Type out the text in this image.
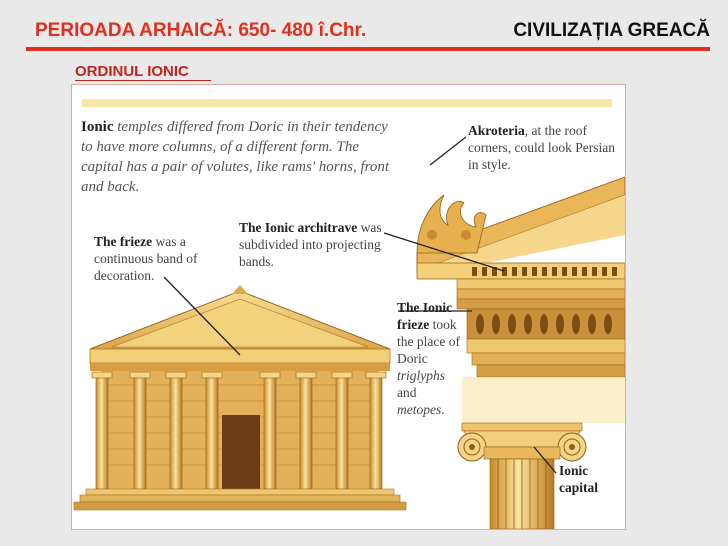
PERIOADA ARHAICĂ: 650- 480 î.Chr.	CIVILIZAȚIA GREACĂ
ORDINUL IONIC
Ionic temples differed from Doric in their tendency to have more columns, of a different form. The capital has a pair of volutes, like rams' horns, front and back.
Akroteria, at the roof corners, could look Persian in style.
The frieze was a continuous band of decoration.
The Ionic architrave was subdivided into projecting bands.
The Ionic frieze took the place of Doric triglyphs and metopes.
Ionic capital
